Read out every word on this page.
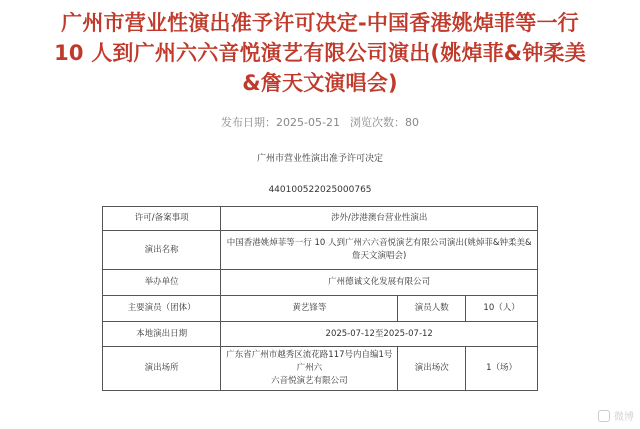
广州市营业性演出准予许可决定-中国香港姚焯菲等一行
10 人到广州六六音悦演艺有限公司演出(姚焯菲&钟柔美
&詹天文演唱会)
发布日期：2025-05-21 浏览次数：80
广州市营业性演出准予许可决定
440100522025000765
许可/备案事项	涉外/涉港澳台营业性演出		
演出名称	中国香港姚焯菲等一行 10 人到广州六六音悦演艺有限公司演出(姚焯菲&钟柔美&
詹天文演唱会)		

举办单位	广州德诚文化发展有限公司		
主要演员（团体）	黄艺锋等	演员人数	10（人）
本地演出日期	2025-07-12至2025-07-12		
演出场所	广东省广州市越秀区流花路117号内自编1号广州六
六音悦演艺有限公司	演出场次	1（场）
微博
